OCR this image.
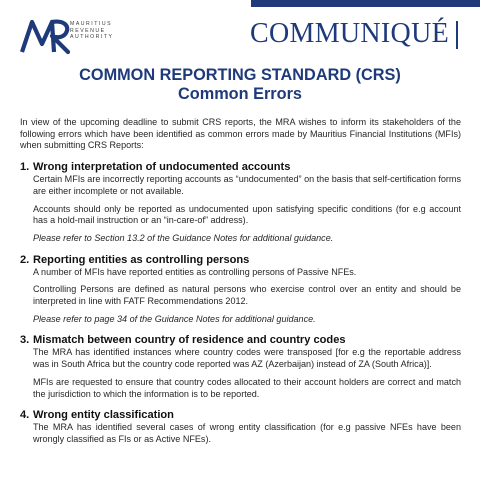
MAURITIUS
REVENUE
AUTHORITY	COMMUNIQUÉ
COMMON REPORTING STANDARD (CRS)
Common Errors

In view of the upcoming deadline to submit CRS reports, the MRA wishes to inform its stakeholders of the following errors which have been identified as common errors made by Mauritius Financial Institutions (MFIs) when submitting CRS Reports:

1. Wrong interpretation of undocumented accounts

Certain MFIs are incorrectly reporting accounts as “undocumented” on the basis that self-certification forms are either incomplete or not available.

Accounts should only be reported as undocumented upon satisfying specific conditions (for e.g account has a hold-mail instruction or an “in-care-of” address).

Please refer to Section 13.2 of the Guidance Notes for additional guidance.

2. Reporting entities as controlling persons

A number of MFIs have reported entities as controlling persons of Passive NFEs.

Controlling Persons are defined as natural persons who exercise control over an entity and should be interpreted in line with FATF Recommendations 2012.

Please refer to page 34 of the Guidance Notes for additional guidance.

3. Mismatch between country of residence and country codes

The MRA has identified instances where country codes were transposed [for e.g the reportable address was in South Africa but the country code reported was AZ (Azerbaijan) instead of ZA (South Africa)].

MFIs are requested to ensure that country codes allocated to their account holders are correct and match the jurisdiction to which the information is to be reported.

4. Wrong entity classification

The MRA has identified several cases of wrong entity classification (for e.g passive NFEs have been wrongly classified as FIs or as Active NFEs).
